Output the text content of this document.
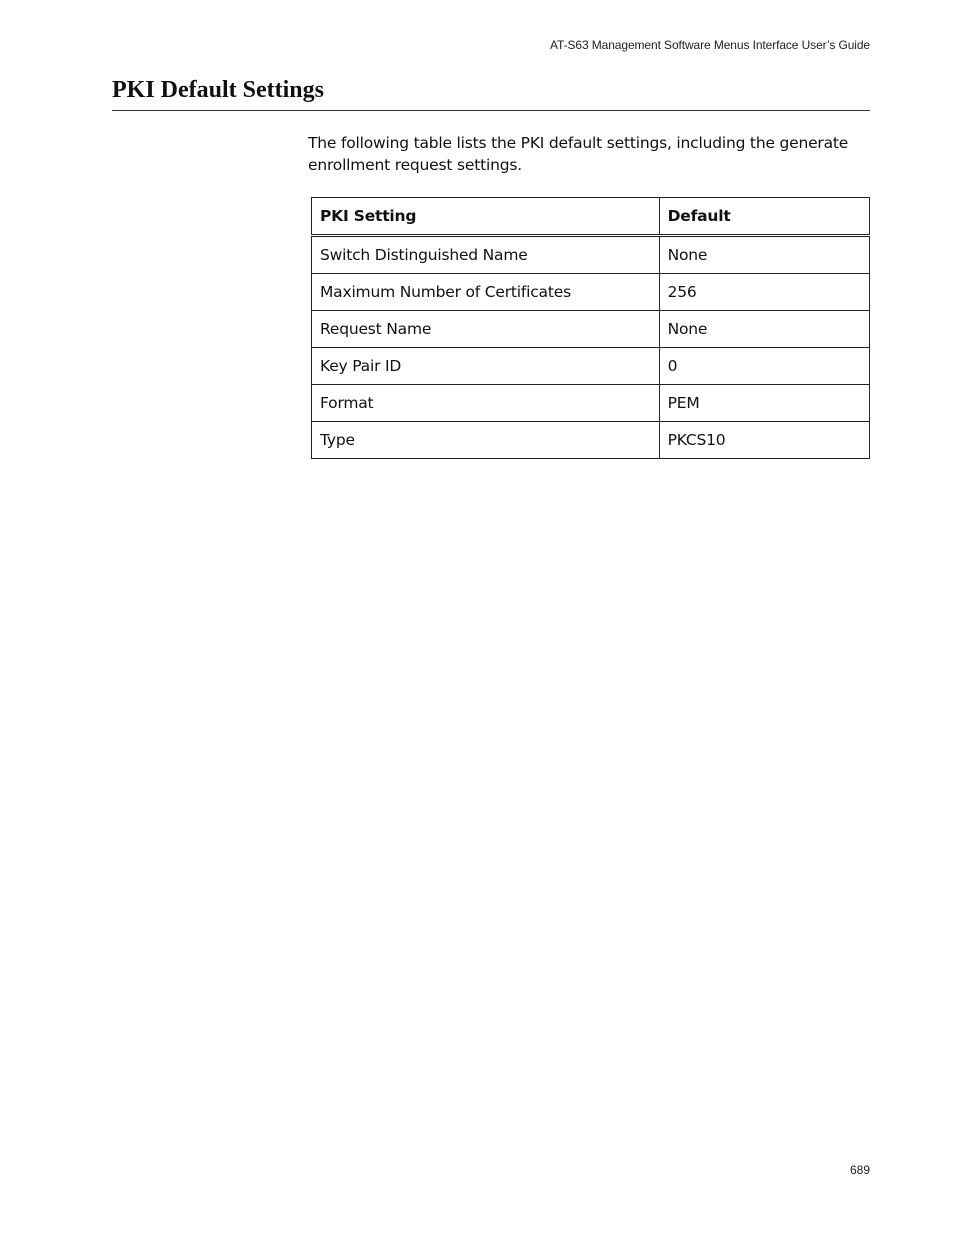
AT-S63 Management Software Menus Interface User’s Guide
PKI Default Settings

The following table lists the PKI default settings, including the generate enrollment request settings.

PKI Setting	Default
Switch Distinguished Name	None
Maximum Number of Certificates	256
Request Name	None
Key Pair ID	0
Format	PEM
Type	PKCS10
689
